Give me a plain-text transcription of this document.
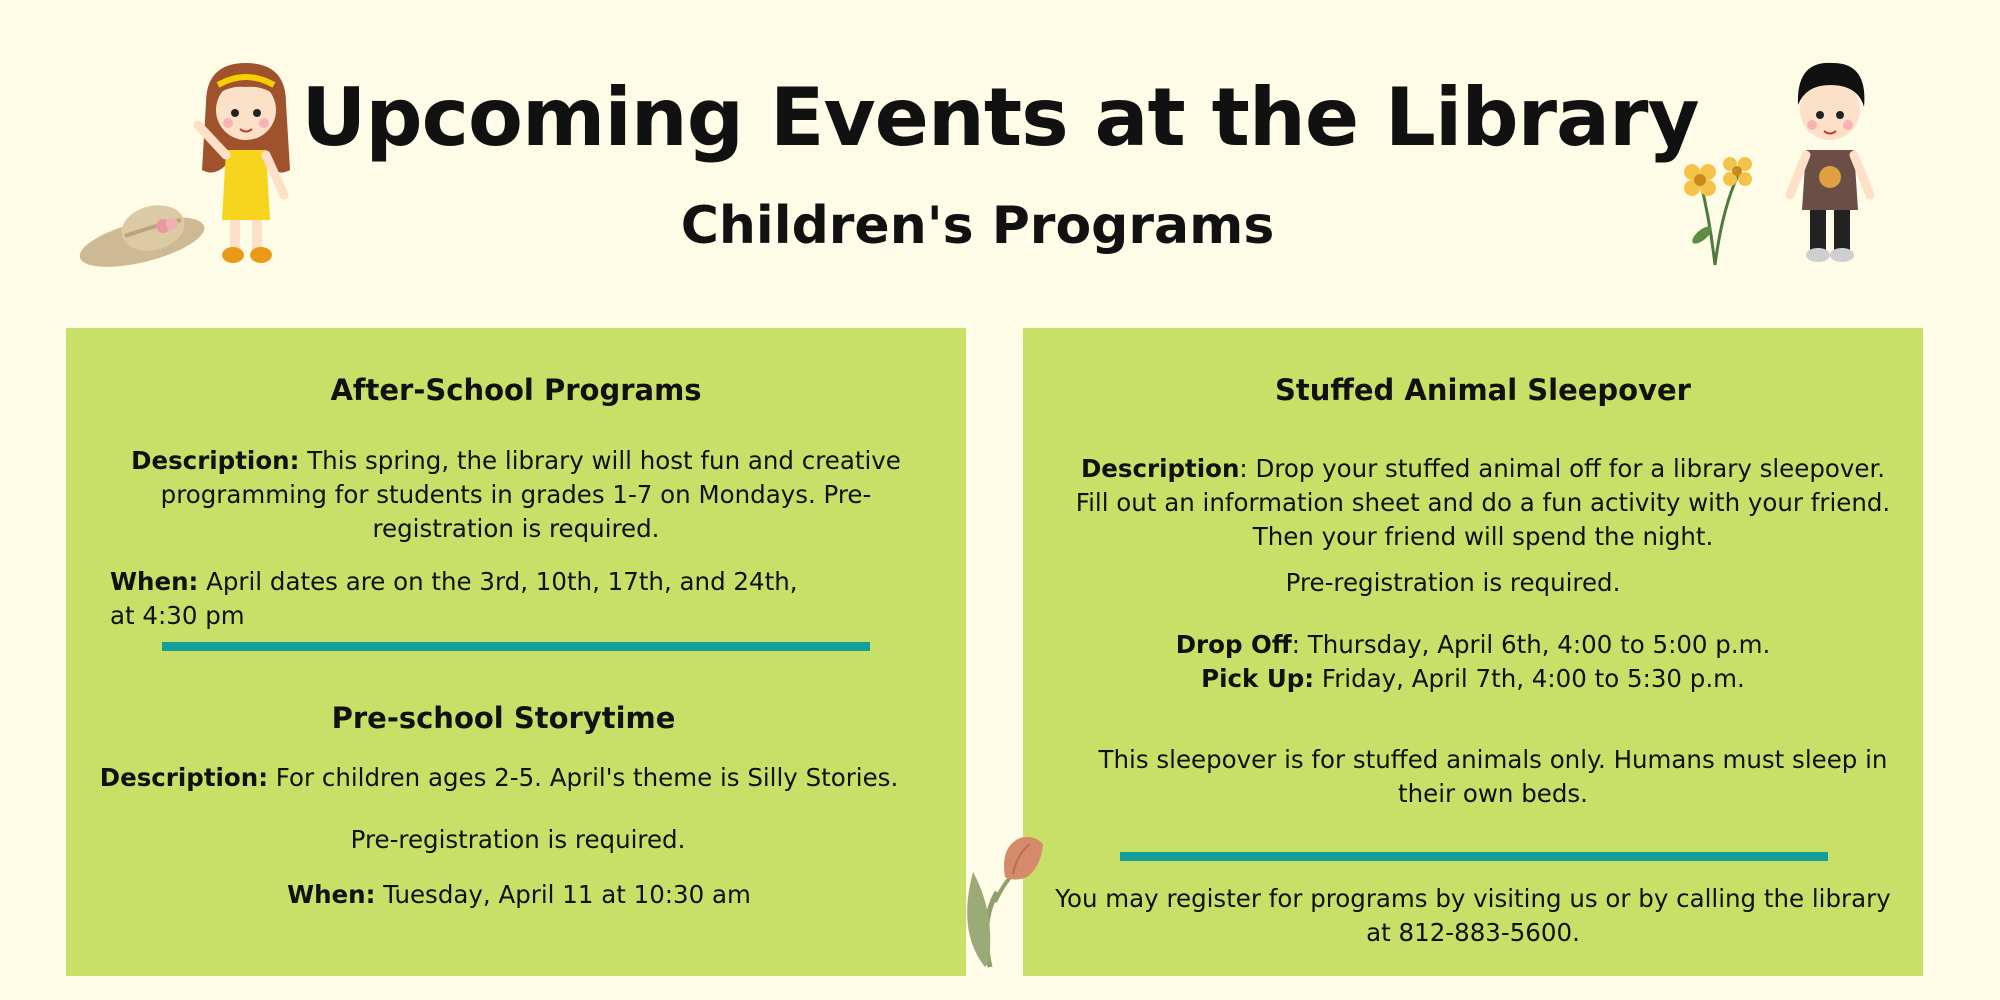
Upcoming Events at the Library
Children's Programs
After-School Programs

Description: This spring, the library will host fun and creative programming for students in grades 1-7 on Mondays. Pre-registration is required.

When: April dates are on the 3rd, 10th, 17th, and 24th, at 4:30 pm

Pre-school Storytime

Description: For children ages 2-5. April's theme is Silly Stories.

Pre-registration is required.

When: Tuesday, April 11 at 10:30 am

Stuffed Animal Sleepover

Description: Drop your stuffed animal off for a library sleepover. Fill out an information sheet and do a fun activity with your friend. Then your friend will spend the night.

Pre-registration is required.

Drop Off: Thursday, April 6th, 4:00 to 5:00 p.m.

Pick Up: Friday, April 7th, 4:00 to 5:30 p.m.

This sleepover is for stuffed animals only. Humans must sleep in their own beds.

You may register for programs by visiting us or by calling the library at 812-883-5600.
